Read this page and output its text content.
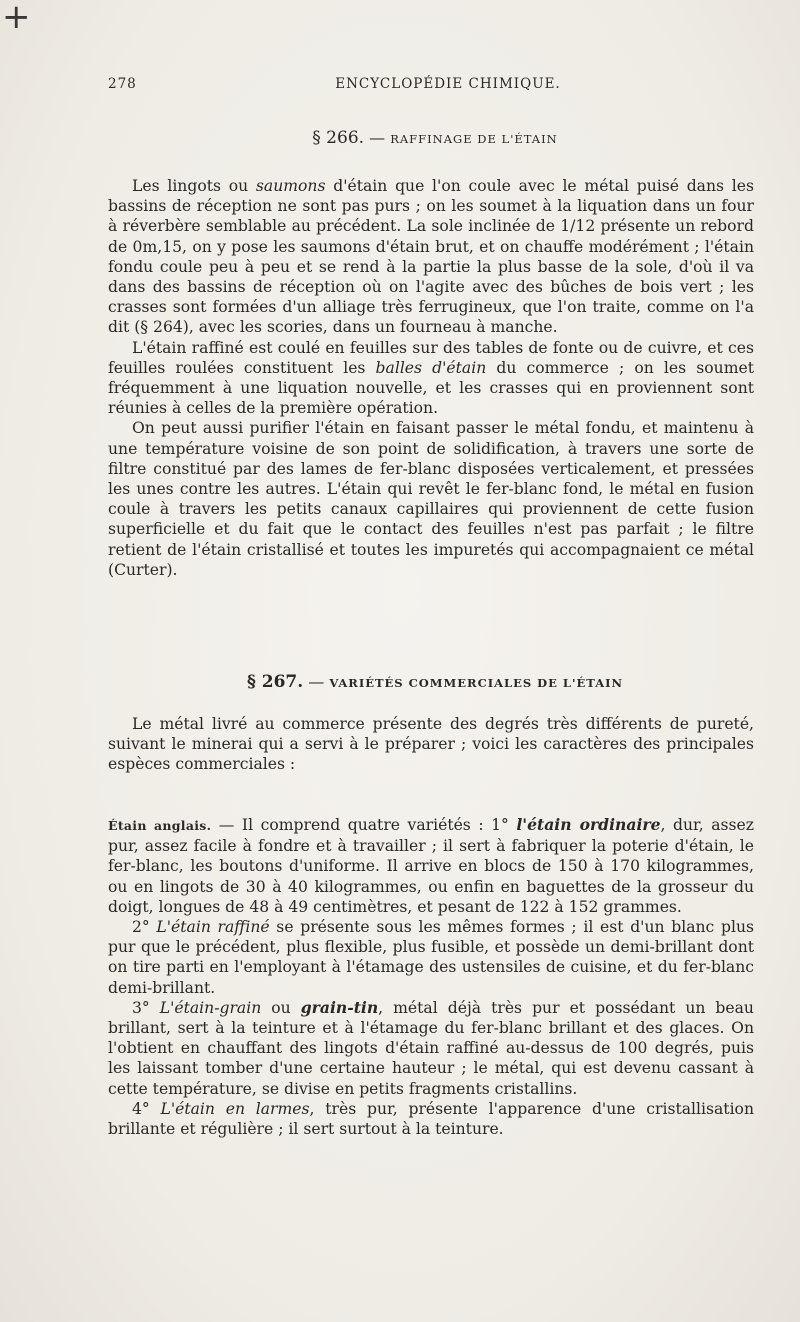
+
278	ENCYCLOPÉDIE CHIMIQUE.
§ 266. — RAFFINAGE DE L'ÉTAIN

Les lingots ou saumons d'étain que l'on coule avec le métal puisé dans les bassins de réception ne sont pas purs ; on les soumet à la liquation dans un four à réverbère semblable au précédent. La sole inclinée de 1/12 présente un rebord de 0m,15, on y pose les saumons d'étain brut, et on chauffe modérément ; l'étain fondu coule peu à peu et se rend à la partie la plus basse de la sole, d'où il va dans des bassins de réception où on l'agite avec des bûches de bois vert ; les crasses sont formées d'un alliage très ferrugineux, que l'on traite, comme on l'a dit (§ 264), avec les scories, dans un fourneau à manche.

L'étain raffiné est coulé en feuilles sur des tables de fonte ou de cuivre, et ces feuilles roulées constituent les balles d'étain du commerce ; on les soumet fréquemment à une liquation nouvelle, et les crasses qui en proviennent sont réunies à celles de la première opération.

On peut aussi purifier l'étain en faisant passer le métal fondu, et maintenu à une température voisine de son point de solidification, à travers une sorte de filtre constitué par des lames de fer-blanc disposées verticalement, et pressées les unes contre les autres. L'étain qui revêt le fer-blanc fond, le métal en fusion coule à travers les petits canaux capillaires qui proviennent de cette fusion superficielle et du fait que le contact des feuilles n'est pas parfait ; le filtre retient de l'étain cristallisé et toutes les impuretés qui accompagnaient ce métal (Curter).

§ 267. — VARIÉTÉS COMMERCIALES DE L'ÉTAIN

Le métal livré au commerce présente des degrés très différents de pureté, suivant le minerai qui a servi à le préparer ; voici les caractères des principales espèces commerciales :

Étain anglais. — Il comprend quatre variétés : 1° l'étain ordinaire, dur, assez pur, assez facile à fondre et à travailler ; il sert à fabriquer la poterie d'étain, le fer-blanc, les boutons d'uniforme. Il arrive en blocs de 150 à 170 kilogrammes, ou en lingots de 30 à 40 kilogrammes, ou enfin en baguettes de la grosseur du doigt, longues de 48 à 49 centimètres, et pesant de 122 à 152 grammes.

2° L'étain raffiné se présente sous les mêmes formes ; il est d'un blanc plus pur que le précédent, plus flexible, plus fusible, et possède un demi-brillant dont on tire parti en l'employant à l'étamage des ustensiles de cuisine, et du fer-blanc demi-brillant.

3° L'étain-grain ou grain-tin, métal déjà très pur et possédant un beau brillant, sert à la teinture et à l'étamage du fer-blanc brillant et des glaces. On l'obtient en chauffant des lingots d'étain raffiné au-dessus de 100 degrés, puis les laissant tomber d'une certaine hauteur ; le métal, qui est devenu cassant à cette température, se divise en petits fragments cristallins.

4° L'étain en larmes, très pur, présente l'apparence d'une cristallisation brillante et régulière ; il sert surtout à la teinture.
